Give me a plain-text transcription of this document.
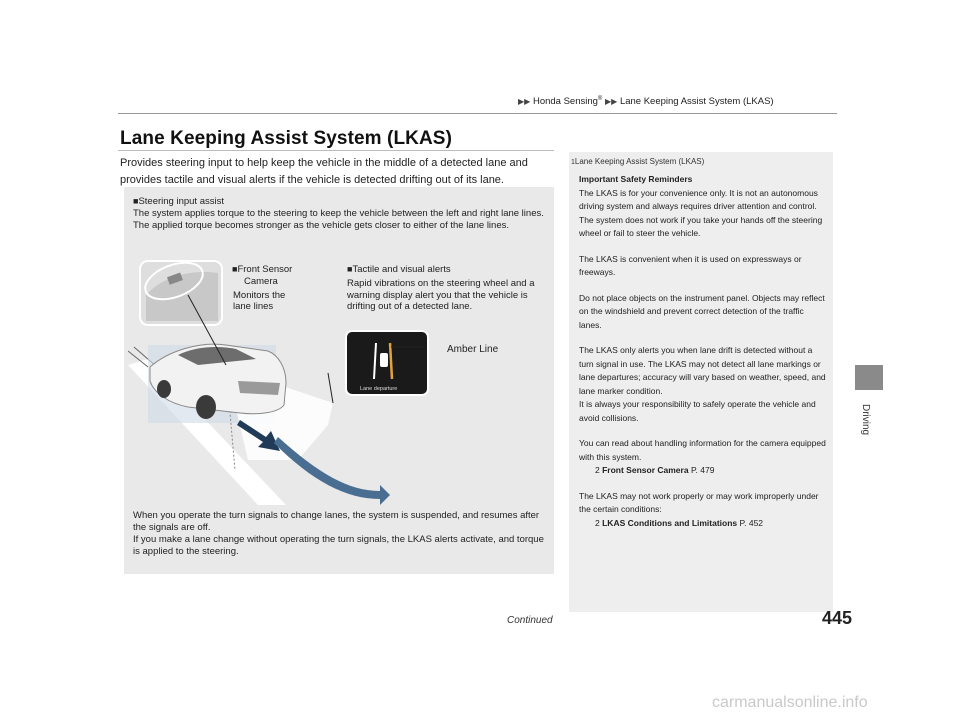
▶▶ Honda Sensing® ▶▶ Lane Keeping Assist System (LKAS)
Lane Keeping Assist System (LKAS)
Provides steering input to help keep the vehicle in the middle of a detected lane and provides tactile and visual alerts if the vehicle is detected drifting out of its lane.
■Steering input assist
The system applies torque to the steering to keep the vehicle between the left and right lane lines. The applied torque becomes stronger as the vehicle gets closer to either of the lane lines.
■Front Sensor
Camera
Monitors the
lane lines
■Tactile and visual alerts
Rapid vibrations on the steering wheel and a warning display alert you that the vehicle is drifting out of a detected lane.
Amber Line
Lane departure
When you operate the turn signals to change lanes, the system is suspended, and resumes after the signals are off.
If you make a lane change without operating the turn signals, the LKAS alerts activate, and torque is applied to the steering.
1Lane Keeping Assist System (LKAS)
Important Safety Reminders
The LKAS is for your convenience only. It is not an autonomous driving system and always requires driver attention and control. The system does not work if you take your hands off the steering wheel or fail to steer the vehicle.
The LKAS is convenient when it is used on expressways or freeways.
Do not place objects on the instrument panel. Objects may reflect on the windshield and prevent correct detection of the traffic lanes.
The LKAS only alerts you when lane drift is detected without a turn signal in use. The LKAS may not detect all lane markings or lane departures; accuracy will vary based on weather, speed, and lane marker condition.
It is always your responsibility to safely operate the vehicle and avoid collisions.
You can read about handling information for the camera equipped with this system.
2 Front Sensor Camera P. 479
The LKAS may not work properly or may work improperly under the certain conditions:
2 LKAS Conditions and Limitations P. 452
Driving
Continued	445
carmanualsonline.info
